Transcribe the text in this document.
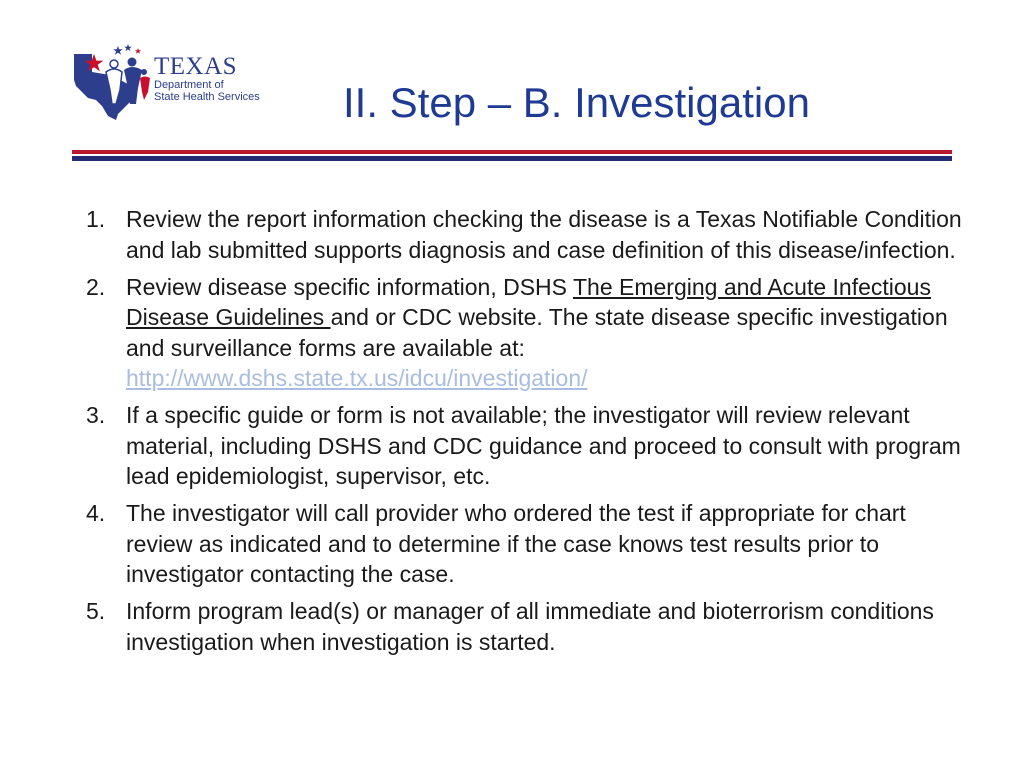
TEXAS
Department of
State Health Services II. Step – B. Investigation
1. Review the report information checking the disease is a Texas Notifiable Condition and lab submitted supports diagnosis and case definition of this disease/infection.
2. Review disease specific information, DSHS The Emerging and Acute Infectious Disease Guidelines and or CDC website. The state disease specific investigation and surveillance forms are available at: http://www.dshs.state.tx.us/idcu/investigation/
3. If a specific guide or form is not available; the investigator will review relevant material, including DSHS and CDC guidance and proceed to consult with program lead epidemiologist, supervisor, etc.
4. The investigator will call provider who ordered the test if appropriate for chart review as indicated and to determine if the case knows test results prior to investigator contacting the case.
5. Inform program lead(s) or manager of all immediate and bioterrorism conditions investigation when investigation is started.
